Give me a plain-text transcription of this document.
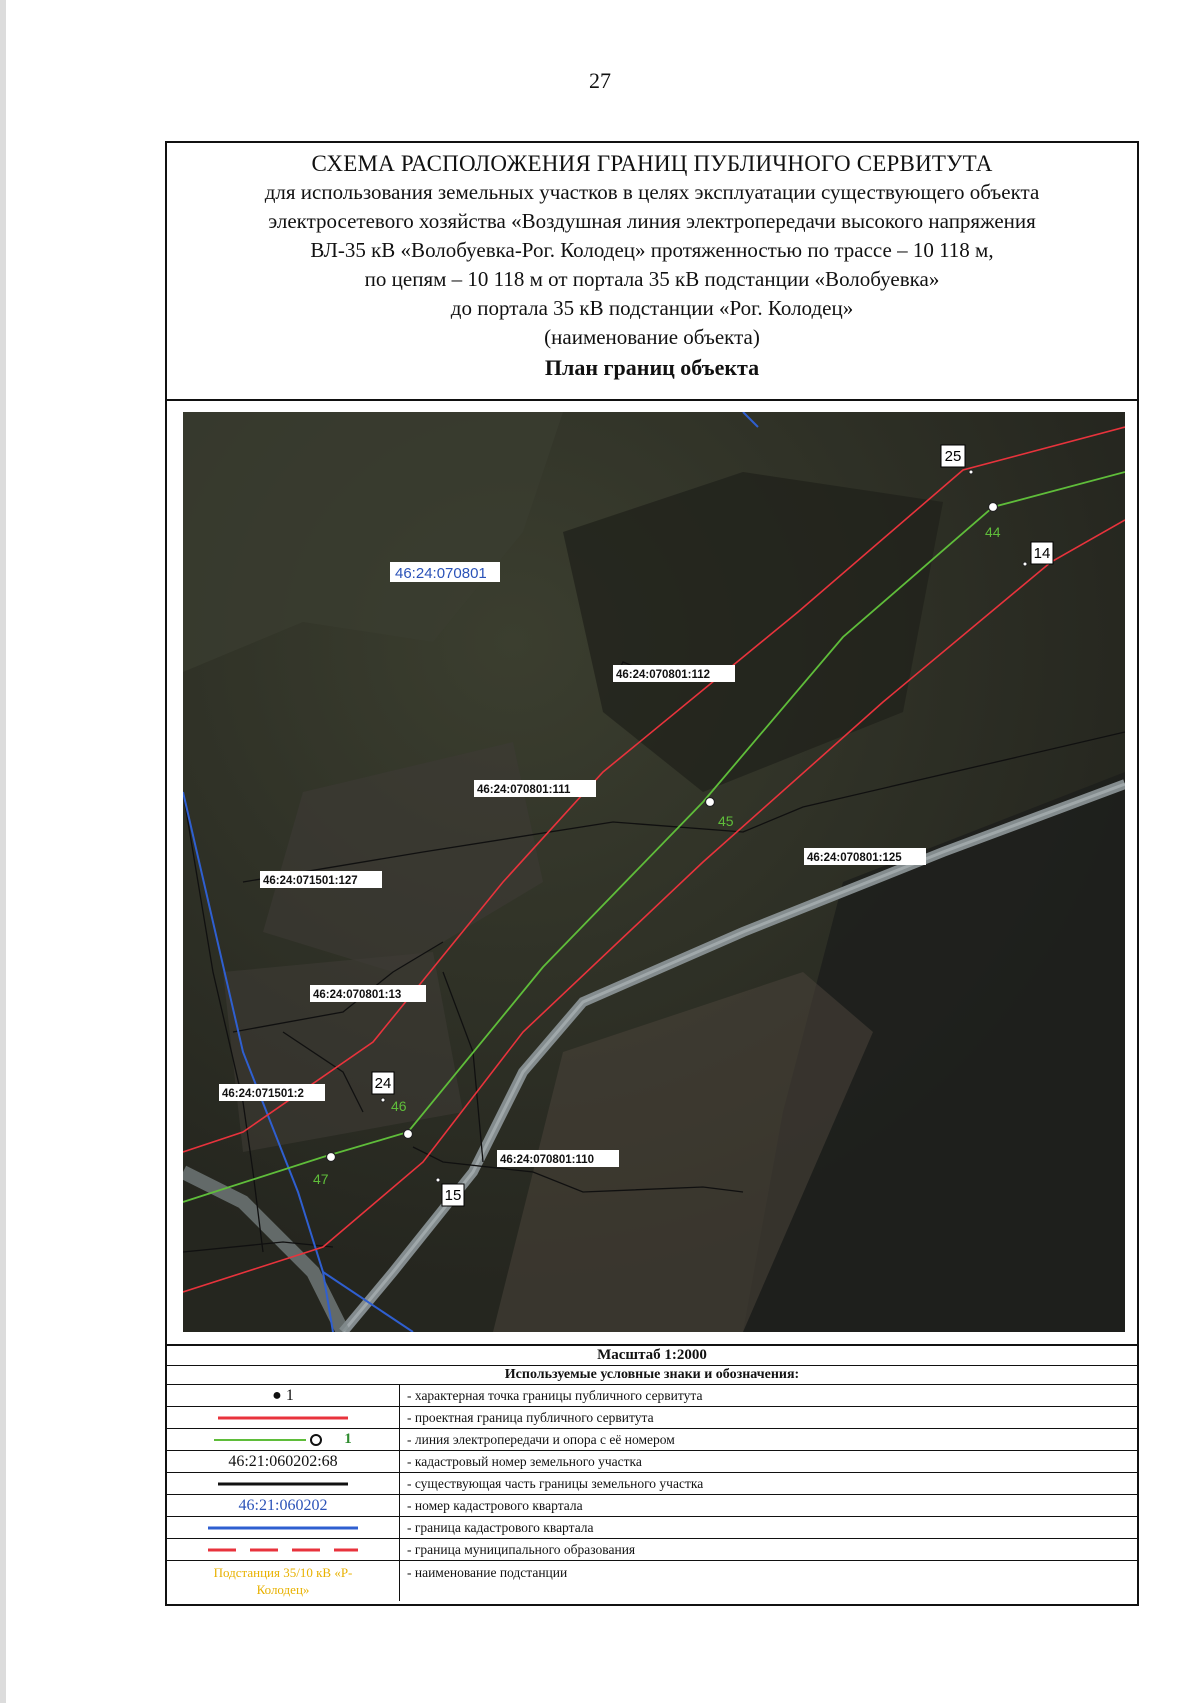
27
СХЕМА РАСПОЛОЖЕНИЯ ГРАНИЦ ПУБЛИЧНОГО СЕРВИТУТА
для использования земельных участков в целях эксплуатации существующего объекта
электросетевого хозяйства «Воздушная линия электропередачи высокого напряжения
ВЛ-35 кВ «Волобуевка-Рог. Колодец» протяженностью по трассе – 10 118 м,
по цепям – 10 118 м от портала 35 кВ подстанции «Волобуевка»
до портала 35 кВ подстанции «Рог. Колодец»
(наименование объекта)
План границ объекта
44
45
46
47
25
14
24
15
46:24:070801
46:24:070801:112
46:24:070801:111
46:24:070801:125
46:24:071501:127
46:24:070801:13
46:24:071501:2
46:24:070801:110
Масштаб 1:2000
Используемые условные знаки и обозначения:
● 1	- характерная точка границы публичного сервитута
- проектная граница публичного сервитута
1	- линия электропередачи и опора с её номером
46:21:060202:68	- кадастровый номер земельного участка
- существующая часть границы земельного участка
46:21:060202	- номер кадастрового квартала
- граница кадастрового квартала
- граница муниципального образования
Подстанция 35/10 кВ «Р-
Колодец»
- наименование подстанции
